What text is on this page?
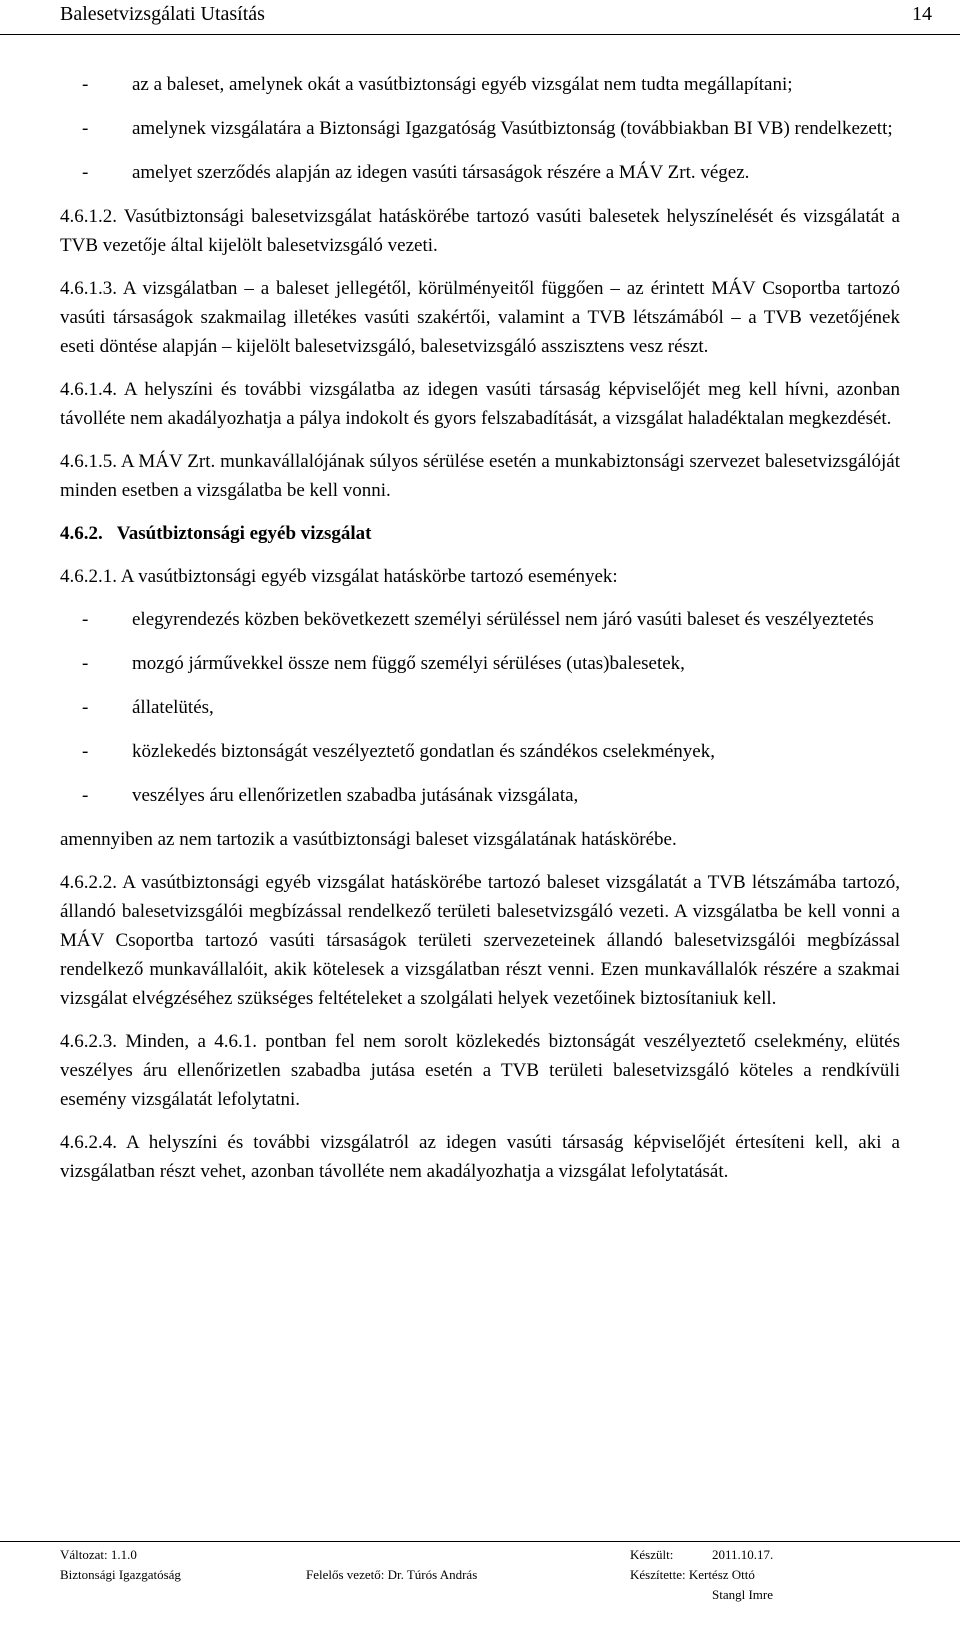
Balesetvizsgálati Utasítás	14
- az a baleset, amelynek okát a vasútbiztonsági egyéb vizsgálat nem tudta megállapítani;
- amelynek vizsgálatára a Biztonsági Igazgatóság Vasútbiztonság (továbbiakban BI VB) rendelkezett;
- amelyet szerződés alapján az idegen vasúti társaságok részére a MÁV Zrt. végez.

4.6.1.2. Vasútbiztonsági balesetvizsgálat hatáskörébe tartozó vasúti balesetek helyszínelését és vizsgálatát a TVB vezetője által kijelölt balesetvizsgáló vezeti.

4.6.1.3. A vizsgálatban – a baleset jellegétől, körülményeitől függően – az érintett MÁV Csoportba tartozó vasúti társaságok szakmailag illetékes vasúti szakértői, valamint a TVB létszámából – a TVB vezetőjének eseti döntése alapján – kijelölt balesetvizsgáló, balesetvizsgáló asszisztens vesz részt.

4.6.1.4. A helyszíni és további vizsgálatba az idegen vasúti társaság képviselőjét meg kell hívni, azonban távolléte nem akadályozhatja a pálya indokolt és gyors felszabadítását, a vizsgálat haladéktalan megkezdését.

4.6.1.5. A MÁV Zrt. munkavállalójának súlyos sérülése esetén a munkabiztonsági szervezet balesetvizsgálóját minden esetben a vizsgálatba be kell vonni.

4.6.2. Vasútbiztonsági egyéb vizsgálat

4.6.2.1. A vasútbiztonsági egyéb vizsgálat hatáskörbe tartozó események:

- elegyrendezés közben bekövetkezett személyi sérüléssel nem járó vasúti baleset és veszélyeztetés
- mozgó járművekkel össze nem függő személyi sérüléses (utas)balesetek,
- állatelütés,
- közlekedés biztonságát veszélyeztető gondatlan és szándékos cselekmények,
- veszélyes áru ellenőrizetlen szabadba jutásának vizsgálata,

amennyiben az nem tartozik a vasútbiztonsági baleset vizsgálatának hatáskörébe.

4.6.2.2. A vasútbiztonsági egyéb vizsgálat hatáskörébe tartozó baleset vizsgálatát a TVB létszámába tartozó, állandó balesetvizsgálói megbízással rendelkező területi balesetvizsgáló vezeti. A vizsgálatba be kell vonni a MÁV Csoportba tartozó vasúti társaságok területi szervezeteinek állandó balesetvizsgálói megbízással rendelkező munkavállalóit, akik kötelesek a vizsgálatban részt venni. Ezen munkavállalók részére a szakmai vizsgálat elvégzéséhez szükséges feltételeket a szolgálati helyek vezetőinek biztosítaniuk kell.

4.6.2.3. Minden, a 4.6.1. pontban fel nem sorolt közlekedés biztonságát veszélyeztető cselekmény, elütés veszélyes áru ellenőrizetlen szabadba jutása esetén a TVB területi balesetvizsgáló köteles a rendkívüli esemény vizsgálatát lefolytatni.

4.6.2.4. A helyszíni és további vizsgálatról az idegen vasúti társaság képviselőjét értesíteni kell, aki a vizsgálatban részt vehet, azonban távolléte nem akadályozhatja a vizsgálat lefolytatását.

Változat: 1.1.0
Biztonsági Igazgatóság	Felelős vezető: Dr. Túrós András
Készült:	2011.10.17.
Készítette: Kertész Ottó
Stangl Imre
